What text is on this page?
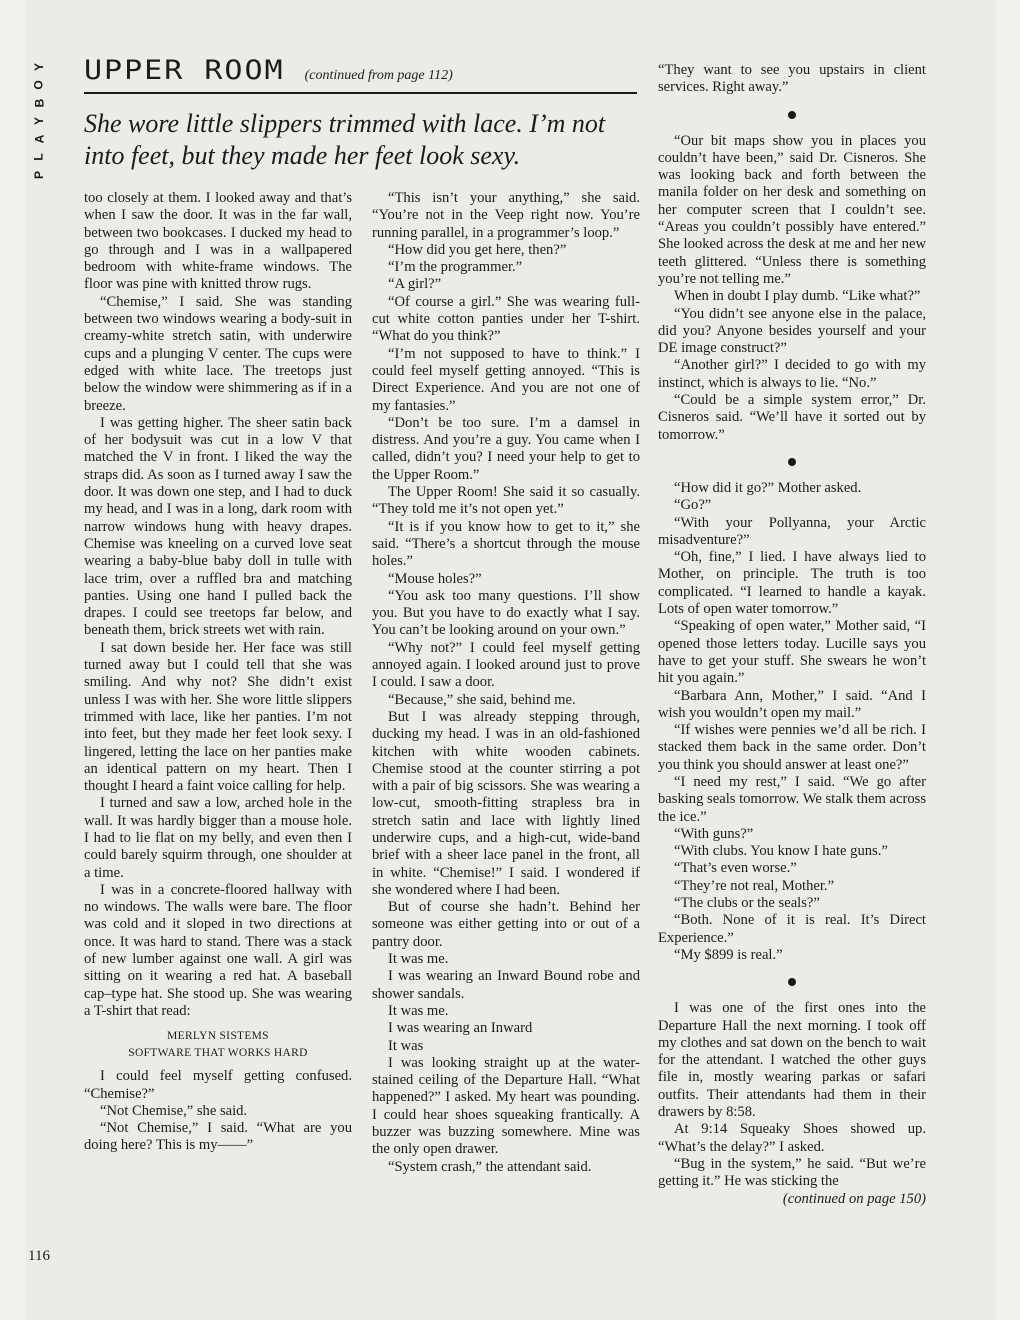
Y
O
B
Y
A
L
P
UPPER ROOM (continued from page 112)
She wore little slippers trimmed with lace. I’m not into feet, but they made her feet look sexy.

too closely at them. I looked away and that’s when I saw the door. It was in the far wall, between two bookcases. I ducked my head to go through and I was in a wallpapered bedroom with white-frame windows. The floor was pine with knitted throw rugs.

“Chemise,” I said. She was standing between two windows wearing a body-suit in creamy-white stretch satin, with underwire cups and a plunging V center. The cups were edged with white lace. The treetops just below the window were shimmering as if in a breeze.

I was getting higher. The sheer satin back of her bodysuit was cut in a low V that matched the V in front. I liked the way the straps did. As soon as I turned away I saw the door. It was down one step, and I had to duck my head, and I was in a long, dark room with narrow windows hung with heavy drapes. Chemise was kneeling on a curved love seat wearing a baby-blue baby doll in tulle with lace trim, over a ruffled bra and matching panties. Using one hand I pulled back the drapes. I could see treetops far below, and beneath them, brick streets wet with rain.

I sat down beside her. Her face was still turned away but I could tell that she was smiling. And why not? She didn’t exist unless I was with her. She wore little slippers trimmed with lace, like her panties. I’m not into feet, but they made her feet look sexy. I lingered, letting the lace on her panties make an identical pattern on my heart. Then I thought I heard a faint voice calling for help.

I turned and saw a low, arched hole in the wall. It was hardly bigger than a mouse hole. I had to lie flat on my belly, and even then I could barely squirm through, one shoulder at a time.

I was in a concrete-floored hallway with no windows. The walls were bare. The floor was cold and it sloped in two directions at once. It was hard to stand. There was a stack of new lumber against one wall. A girl was sitting on it wearing a red hat. A baseball cap–type hat. She stood up. She was wearing a T-shirt that read:

MERLYN SISTEMS
SOFTWARE THAT WORKS HARD

I could feel myself getting confused. “Chemise?”

“Not Chemise,” she said.

“Not Chemise,” I said. “What are you doing here? This is my——”

“This isn’t your anything,” she said. “You’re not in the Veep right now. You’re running parallel, in a programmer’s loop.”

“How did you get here, then?”

“I’m the programmer.”

“A girl?”

“Of course a girl.” She was wearing full-cut white cotton panties under her T-shirt. “What do you think?”

“I’m not supposed to have to think.” I could feel myself getting annoyed. “This is Direct Experience. And you are not one of my fantasies.”

“Don’t be too sure. I’m a damsel in distress. And you’re a guy. You came when I called, didn’t you? I need your help to get to the Upper Room.”

The Upper Room! She said it so casually. “They told me it’s not open yet.”

“It is if you know how to get to it,” she said. “There’s a shortcut through the mouse holes.”

“Mouse holes?”

“You ask too many questions. I’ll show you. But you have to do exactly what I say. You can’t be looking around on your own.”

“Why not?” I could feel myself getting annoyed again. I looked around just to prove I could. I saw a door.

“Because,” she said, behind me.

But I was already stepping through, ducking my head. I was in an old-fashioned kitchen with white wooden cabinets. Chemise stood at the counter stirring a pot with a pair of big scissors. She was wearing a low-cut, smooth-fitting strapless bra in stretch satin and lace with lightly lined underwire cups, and a high-cut, wide-band brief with a sheer lace panel in the front, all in white. “Chemise!” I said. I wondered if she wondered where I had been.

But of course she hadn’t. Behind her someone was either getting into or out of a pantry door.

It was me.

I was wearing an Inward Bound robe and shower sandals.

It was me.

I was wearing an Inward

It was

I was looking straight up at the water-stained ceiling of the Departure Hall. “What happened?” I asked. My heart was pounding. I could hear shoes squeaking frantically. A buzzer was buzzing somewhere. Mine was the only open drawer.

“System crash,” the attendant said.

“They want to see you upstairs in client services. Right away.”

“Our bit maps show you in places you couldn’t have been,” said Dr. Cisneros. She was looking back and forth between the manila folder on her desk and something on her computer screen that I couldn’t see. “Areas you couldn’t possibly have entered.” She looked across the desk at me and her new teeth glittered. “Unless there is something you’re not telling me.”

When in doubt I play dumb. “Like what?”

“You didn’t see anyone else in the palace, did you? Anyone besides yourself and your DE image construct?”

“Another girl?” I decided to go with my instinct, which is always to lie. “No.”

“Could be a simple system error,” Dr. Cisneros said. “We’ll have it sorted out by tomorrow.”

“How did it go?” Mother asked.

“Go?”

“With your Pollyanna, your Arctic misadventure?”

“Oh, fine,” I lied. I have always lied to Mother, on principle. The truth is too complicated. “I learned to handle a kayak. Lots of open water tomorrow.”

“Speaking of open water,” Mother said, “I opened those letters today. Lucille says you have to get your stuff. She swears he won’t hit you again.”

“Barbara Ann, Mother,” I said. “And I wish you wouldn’t open my mail.”

“If wishes were pennies we’d all be rich. I stacked them back in the same order. Don’t you think you should answer at least one?”

“I need my rest,” I said. “We go after basking seals tomorrow. We stalk them across the ice.”

“With guns?”

“With clubs. You know I hate guns.”

“That’s even worse.”

“They’re not real, Mother.”

“The clubs or the seals?”

“Both. None of it is real. It’s Direct Experience.”

“My $899 is real.”

I was one of the first ones into the Departure Hall the next morning. I took off my clothes and sat down on the bench to wait for the attendant. I watched the other guys file in, mostly wearing parkas or safari outfits. Their attendants had them in their drawers by 8:58.

At 9:14 Squeaky Shoes showed up. “What’s the delay?” I asked.

“Bug in the system,” he said. “But we’re getting it.” He was sticking the

(continued on page 150)

116
